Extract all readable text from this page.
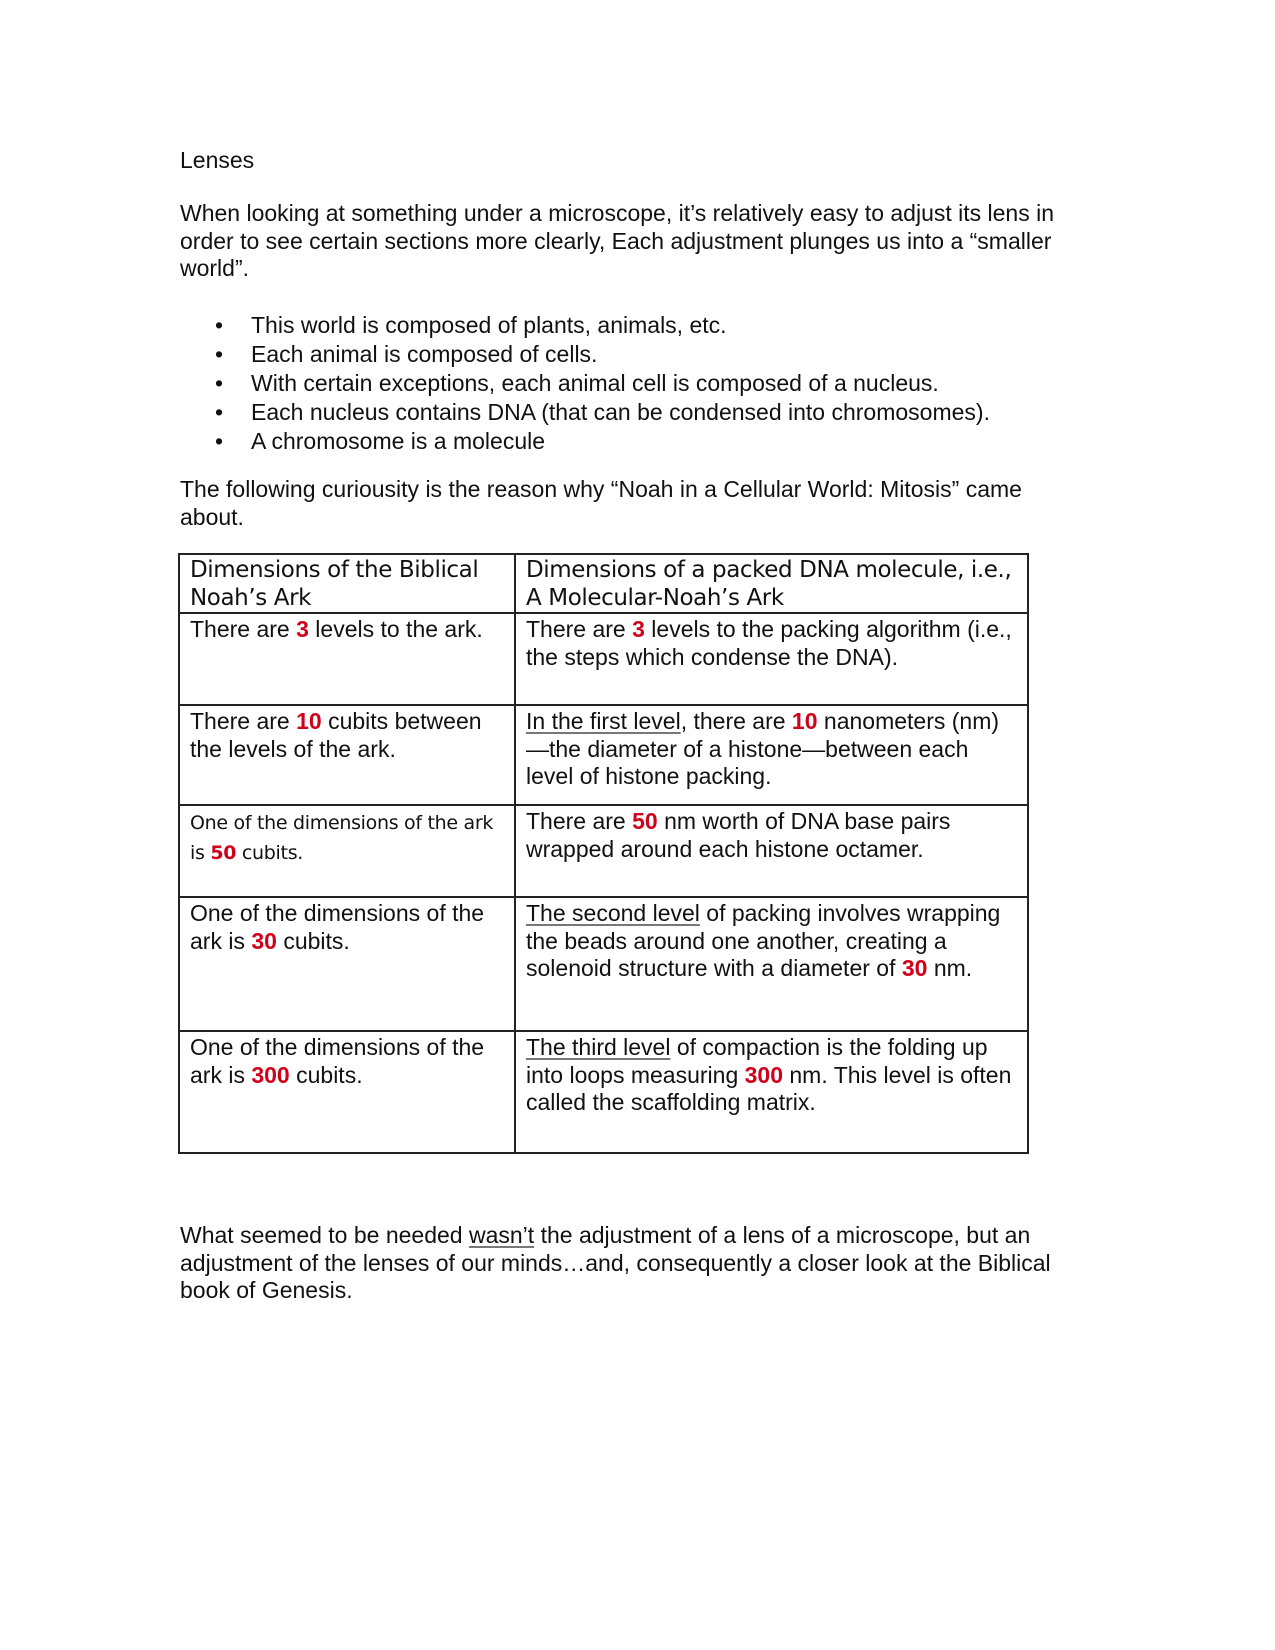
Lenses
When looking at something under a microscope, it’s relatively easy to adjust its lens in order to see certain sections more clearly, Each adjustment plunges us into a “smaller world”.
• This world is composed of plants, animals, etc.
• Each animal is composed of cells.
• With certain exceptions, each animal cell is composed of a nucleus.
• Each nucleus contains DNA (that can be condensed into chromosomes).
• A chromosome is a molecule
The following curiousity is the reason why “Noah in a Cellular World: Mitosis” came about.
Dimensions of the Biblical Noah’s Ark	Dimensions of a packed DNA molecule, i.e., A Molecular-Noah’s Ark
There are 3 levels to the ark.	There are 3 levels to the packing algorithm (i.e., the steps which condense the DNA).
There are 10 cubits between the levels of the ark.	In the first level, there are 10 nanometers (nm)—the diameter of a histone—between each level of histone packing.
One of the dimensions of the ark is 50 cubits.	There are 50 nm worth of DNA base pairs wrapped around each histone octamer.
One of the dimensions of the ark is 30 cubits.	The second level of packing involves wrapping the beads around one another, creating a solenoid structure with a diameter of 30 nm.
One of the dimensions of the ark is 300 cubits.	The third level of compaction is the folding up into loops measuring 300 nm. This level is often called the scaffolding matrix.
What seemed to be needed wasn’t the adjustment of a lens of a microscope, but an adjustment of the lenses of our minds…and, consequently a closer look at the Biblical book of Genesis.
